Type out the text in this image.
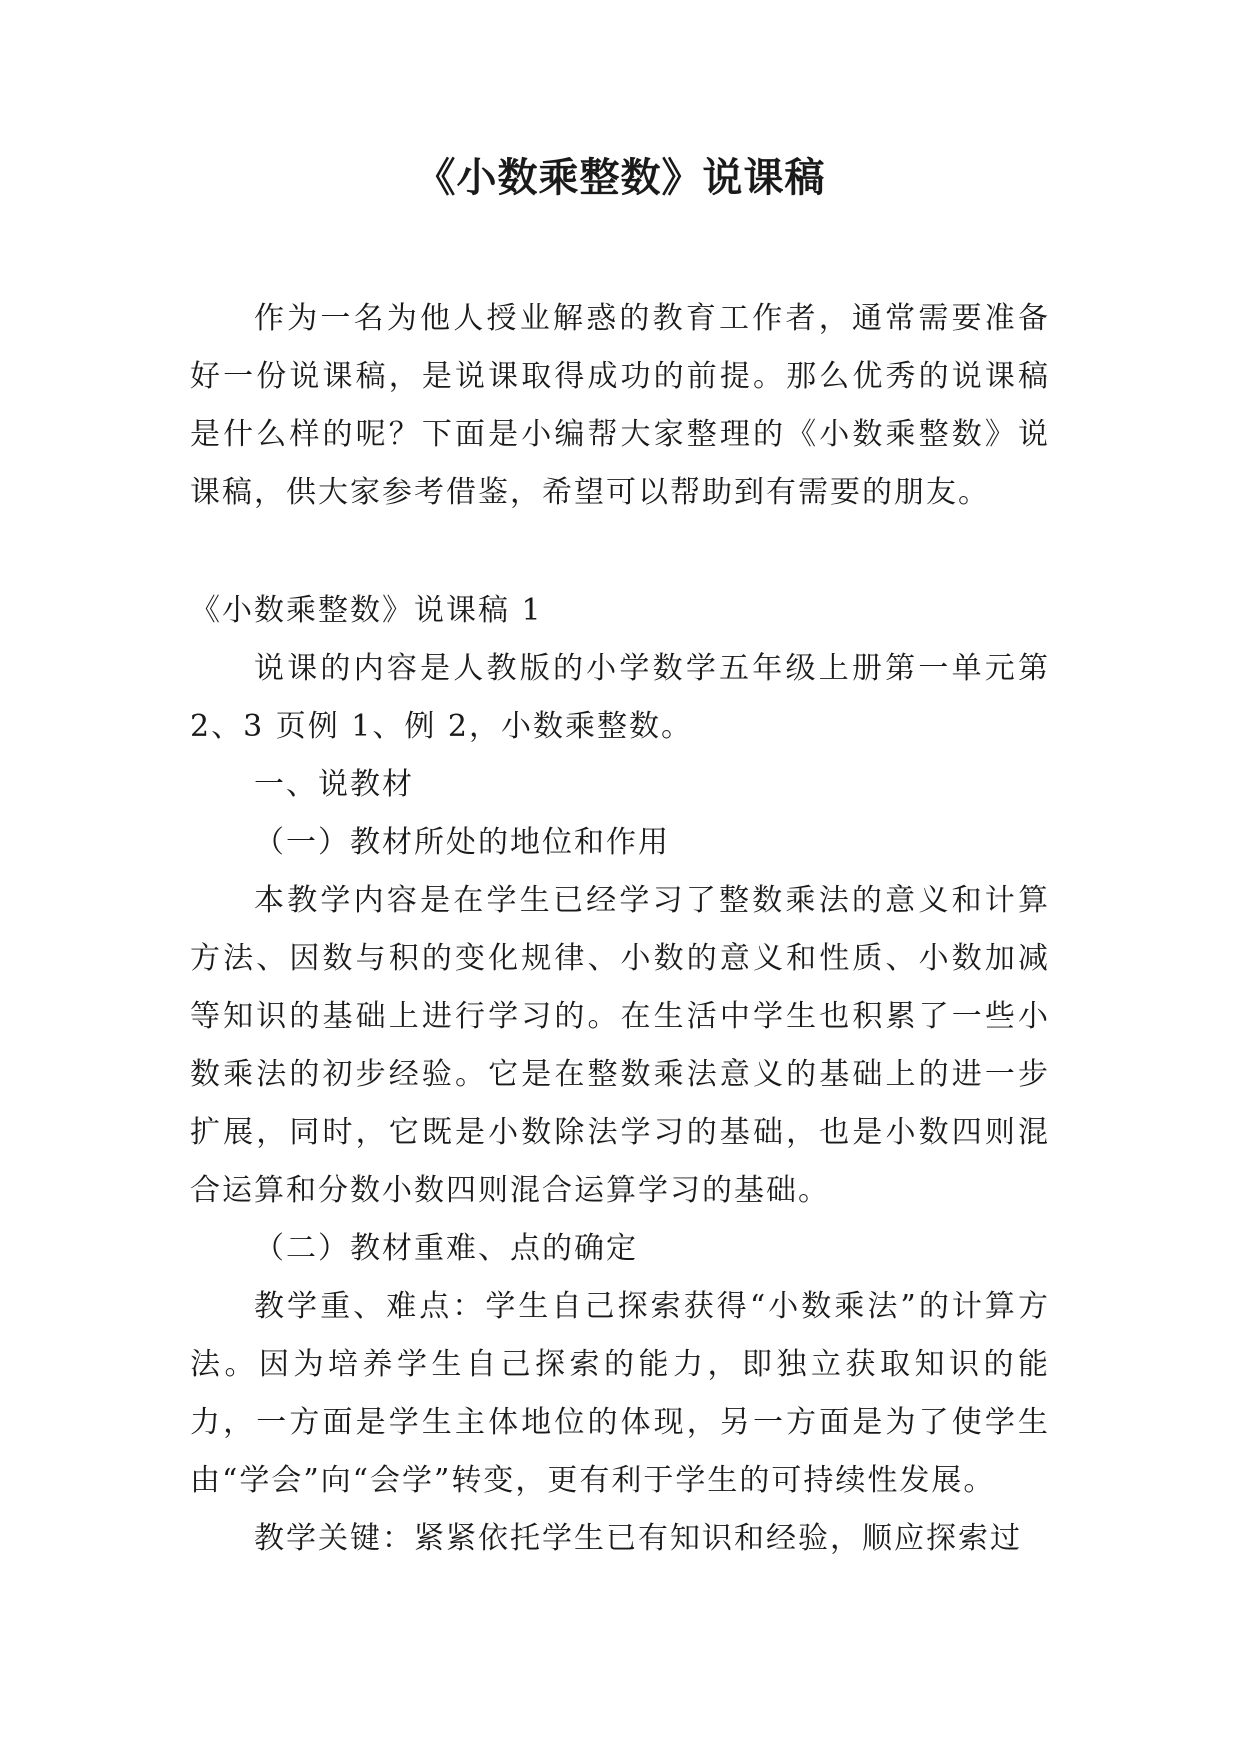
《小数乘整数》说课稿

作为一名为他人授业解惑的教育工作者，通常需要准备好一份说课稿，是说课取得成功的前提。那么优秀的说课稿是什么样的呢？下面是小编帮大家整理的《小数乘整数》说课稿，供大家参考借鉴，希望可以帮助到有需要的朋友。

《小数乘整数》说课稿 1

说课的内容是人教版的小学数学五年级上册第一单元第 2、3 页例 1、例 2，小数乘整数。

一、说教材

（一）教材所处的地位和作用

本教学内容是在学生已经学习了整数乘法的意义和计算方法、因数与积的变化规律、小数的意义和性质、小数加减等知识的基础上进行学习的。在生活中学生也积累了一些小数乘法的初步经验。它是在整数乘法意义的基础上的进一步扩展，同时，它既是小数除法学习的基础，也是小数四则混合运算和分数小数四则混合运算学习的基础。

（二）教材重难、点的确定

教学重、难点：学生自己探索获得“小数乘法”的计算方法。因为培养学生自己探索的能力，即独立获取知识的能力，一方面是学生主体地位的体现，另一方面是为了使学生由“学会”向“会学”转变，更有利于学生的可持续性发展。

教学关键：紧紧依托学生已有知识和经验，顺应探索过
